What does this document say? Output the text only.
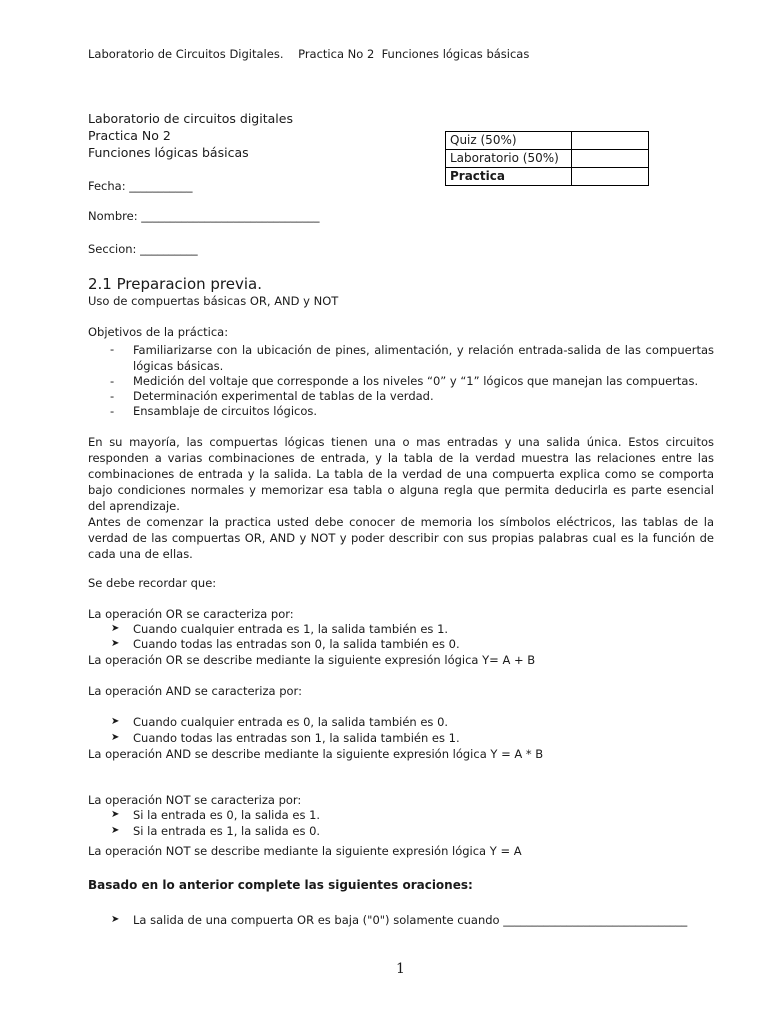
Laboratorio de Circuitos Digitales.    Practica No 2  Funciones lógicas básicas
Laboratorio de circuitos digitales
Practica No 2
Funciones lógicas básicas
Quiz (50%)	
Laboratorio (50%)	
Practica	
Fecha: ___________
Nombre: _______________________________
Seccion: __________
2.1 Preparacion previa.
Uso de compuertas básicas OR, AND y NOT
Objetivos de la práctica:
- Familiarizarse con la ubicación de pines, alimentación, y relación entrada-salida de las compuertas lógicas básicas.
- Medición del voltaje que corresponde a los niveles “0” y “1” lógicos que manejan las compuertas.
- Determinación experimental de tablas de la verdad.
- Ensamblaje de circuitos lógicos.
En su mayoría, las compuertas lógicas tienen una o mas entradas y una salida única. Estos circuitos responden a varias combinaciones de entrada, y la tabla de la verdad muestra las relaciones entre las combinaciones de entrada y la salida. La tabla de la verdad de una compuerta explica como se comporta bajo condiciones normales y memorizar esa tabla o alguna regla que permita deducirla es parte esencial del aprendizaje.
Antes de comenzar la practica usted debe conocer de memoria los símbolos eléctricos, las tablas de la verdad de las compuertas OR, AND y NOT y poder describir con sus propias palabras cual es la función de cada una de ellas.
Se debe recordar que:
La operación OR se caracteriza por:
➤ Cuando cualquier entrada es 1, la salida también es 1.
➤ Cuando todas las entradas son 0, la salida también es 0.
La operación OR se describe mediante la siguiente expresión lógica Y= A + B
La operación AND se caracteriza por:
➤ Cuando cualquier entrada es 0, la salida también es 0.
➤ Cuando todas las entradas son 1, la salida también es 1.
La operación AND se describe mediante la siguiente expresión lógica Y = A * B
La operación NOT se caracteriza por:
➤ Si la entrada es 0, la salida es 1.
➤ Si la entrada es 1, la salida es 0.
La operación NOT se describe mediante la siguiente expresión lógica Y = A
Basado en lo anterior complete las siguientes oraciones:
➤ La salida de una compuerta OR es baja ("0") solamente cuando ________________________________
1
